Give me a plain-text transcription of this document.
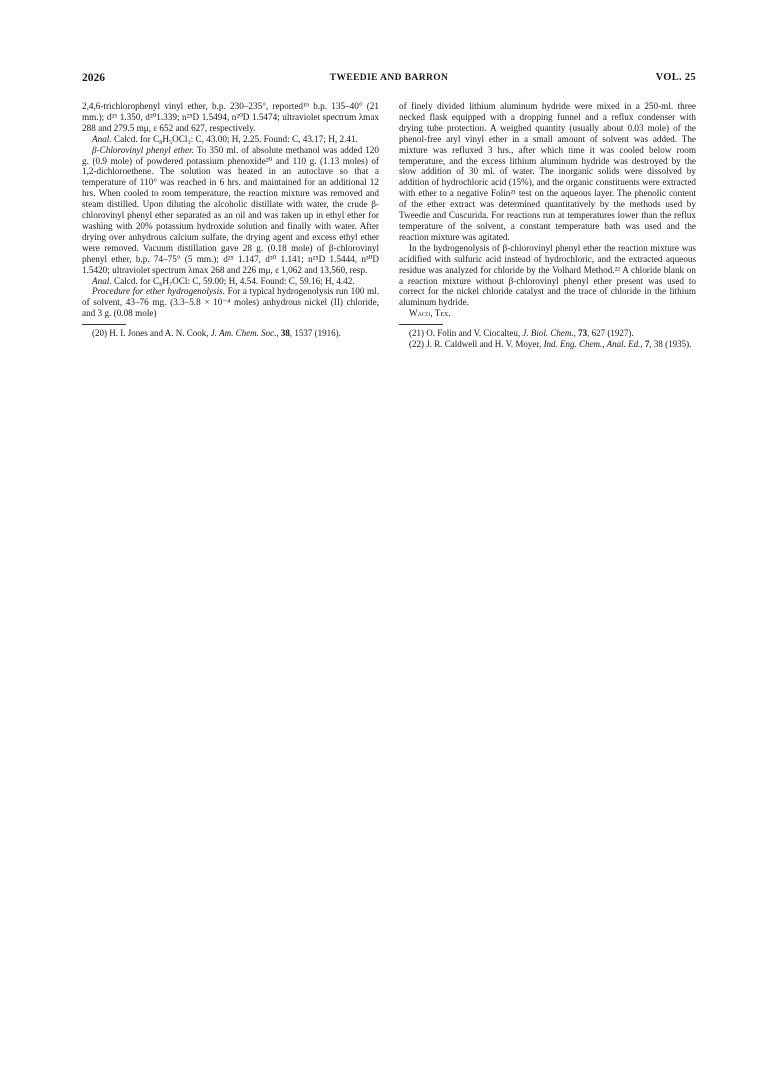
2026	TWEEDIE AND BARRON	VOL. 25

2,4,6-trichlorophenyl vinyl ether, b.p. 230–235°, reported¹⁹ b.p. 135–40° (21 mm.); d²⁵ 1.350, d²⁰1.339; n²⁵D 1.5494, n²⁰D 1.5474; ultraviolet spectrum λmax 288 and 279.5 mμ, ε 652 and 627, respectively.

Anal. Calcd. for C₈H₅OCl₃: C, 43.00; H, 2.25. Found: C, 43.17; H, 2.41.

β-Chlorovinyl phenyl ether. To 350 ml. of absolute methanol was added 120 g. (0.9 mole) of powdered potassium phenoxide²⁰ and 110 g. (1.13 moles) of 1,2-dichloroethene. The solution was heated in an autoclave so that a temperature of 110° was reached in 6 hrs. and maintained for an additional 12 hrs. When cooled to room temperature, the reaction mixture was removed and steam distilled. Upon diluting the alcoholic distillate with water, the crude β-chlorovinyl phenyl ether separated as an oil and was taken up in ethyl ether for washing with 20% potassium hydroxide solution and finally with water. After drying over anhydrous calcium sulfate, the drying agent and excess ethyl ether were removed. Vacuum distillation gave 28 g. (0.18 mole) of β-chlorovinyl phenyl ether, b.p. 74–75° (5 mm.); d²⁵ 1.147, d³⁰ 1.141; n²⁵D 1.5444, n³⁰D 1.5420; ultraviolet spectrum λmax 268 and 226 mμ, ε 1,062 and 13,560, resp.

Anal. Calcd. for C₈H₇OCl: C, 59.00; H, 4.54. Found: C, 59.16; H, 4.42.

Procedure for ether hydrogenolysis. For a typical hydrogenolysis run 100 ml. of solvent, 43–76 mg. (3.3–5.8 × 10⁻⁴ moles) anhydrous nickel (II) chloride, and 3 g. (0.08 mole)

(20) H. I. Jones and A. N. Cook, J. Am. Chem. Soc., 38, 1537 (1916).

of finely divided lithium aluminum hydride were mixed in a 250-ml. three necked flask equipped with a dropping funnel and a reflux condenser with drying tube protection. A weighed quantity (usually about 0.03 mole) of the phenol-free aryl vinyl ether in a small amount of solvent was added. The mixture was refluxed 3 hrs., after which time it was cooled below room temperature, and the excess lithium aluminum hydride was destroyed by the slow addition of 30 ml. of water. The inorganic solids were dissolved by addition of hydrochloric acid (15%), and the organic constituents were extracted with ether to a negative Folin²¹ test on the aqueous layer. The phenolic content of the ether extract was determined quantitatively by the methods used by Tweedie and Cuscurida. For reactions run at temperatures lower than the reflux temperature of the solvent, a constant temperature bath was used and the reaction mixture was agitated.

In the hydrogenolysis of β-chlorovinyl phenyl ether the reaction mixture was acidified with sulfuric acid instead of hydrochloric, and the extracted aqueous residue was analyzed for chloride by the Volhard Method.²² A chloride blank on a reaction mixture without β-chlorovinyl phenyl ether present was used to correct for the nickel chloride catalyst and the trace of chloride in the lithium aluminum hydride.

Waco, Tex.

(21) O. Folin and V. Ciocalteu, J. Biol. Chem., 73, 627 (1927).

(22) J. R. Caldwell and H. V. Moyer, Ind. Eng. Chem., Anal. Ed., 7, 38 (1935).
